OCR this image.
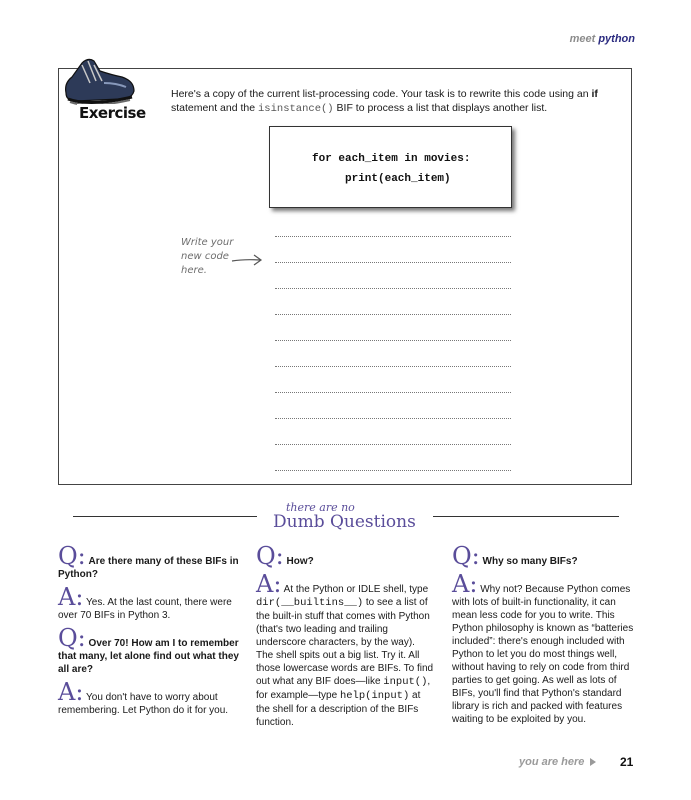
meet python
Exercise
Here's a copy of the current list-processing code. Your task is to rewrite this code using an if statement and the isinstance() BIF to process a list that displays another list.
for each_item in movies:
print(each_item)
Write your
new code
here.
there are no
Dumb Questions

Q: Are there many of these BIFs in Python?

A: Yes. At the last count, there were over 70 BIFs in Python 3.

Q: Over 70! How am I to remember that many, let alone find out what they all are?

A: You don't have to worry about remembering. Let Python do it for you.

Q: How?

A: At the Python or IDLE shell, type dir(__builtins__) to see a list of the built-in stuff that comes with Python (that's two leading and trailing underscore characters, by the way). The shell spits out a big list. Try it. All those lowercase words are BIFs. To find out what any BIF does—like input(), for example—type help(input) at the shell for a description of the BIFs function.

Q: Why so many BIFs?

A: Why not? Because Python comes with lots of built-in functionality, it can mean less code for you to write. This Python philosophy is known as “batteries included”: there's enough included with Python to let you do most things well, without having to rely on code from third parties to get going. As well as lots of BIFs, you'll find that Python's standard library is rich and packed with features waiting to be exploited by you.

you are here	21
